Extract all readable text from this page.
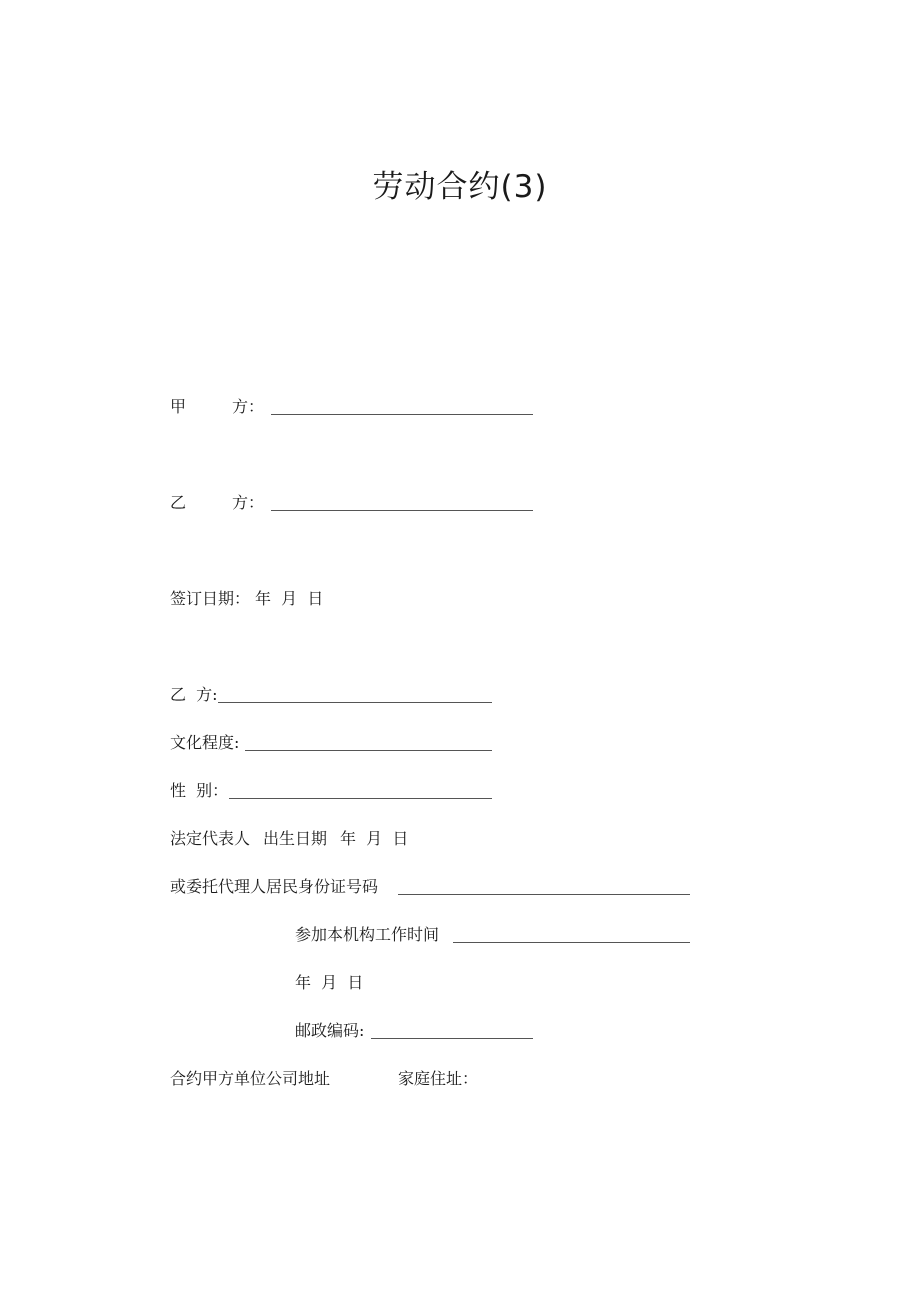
劳动合约(3)
甲	方：
乙	方：
签订日期： 年  月  日
乙  方:
文化程度:
性  别：
法定代表人 出生日期 年  月  日
或委托代理人居民身份证号码
参加本机构工作时间
年  月  日
邮政编码:
合约甲方单位公司地址	家庭住址：
